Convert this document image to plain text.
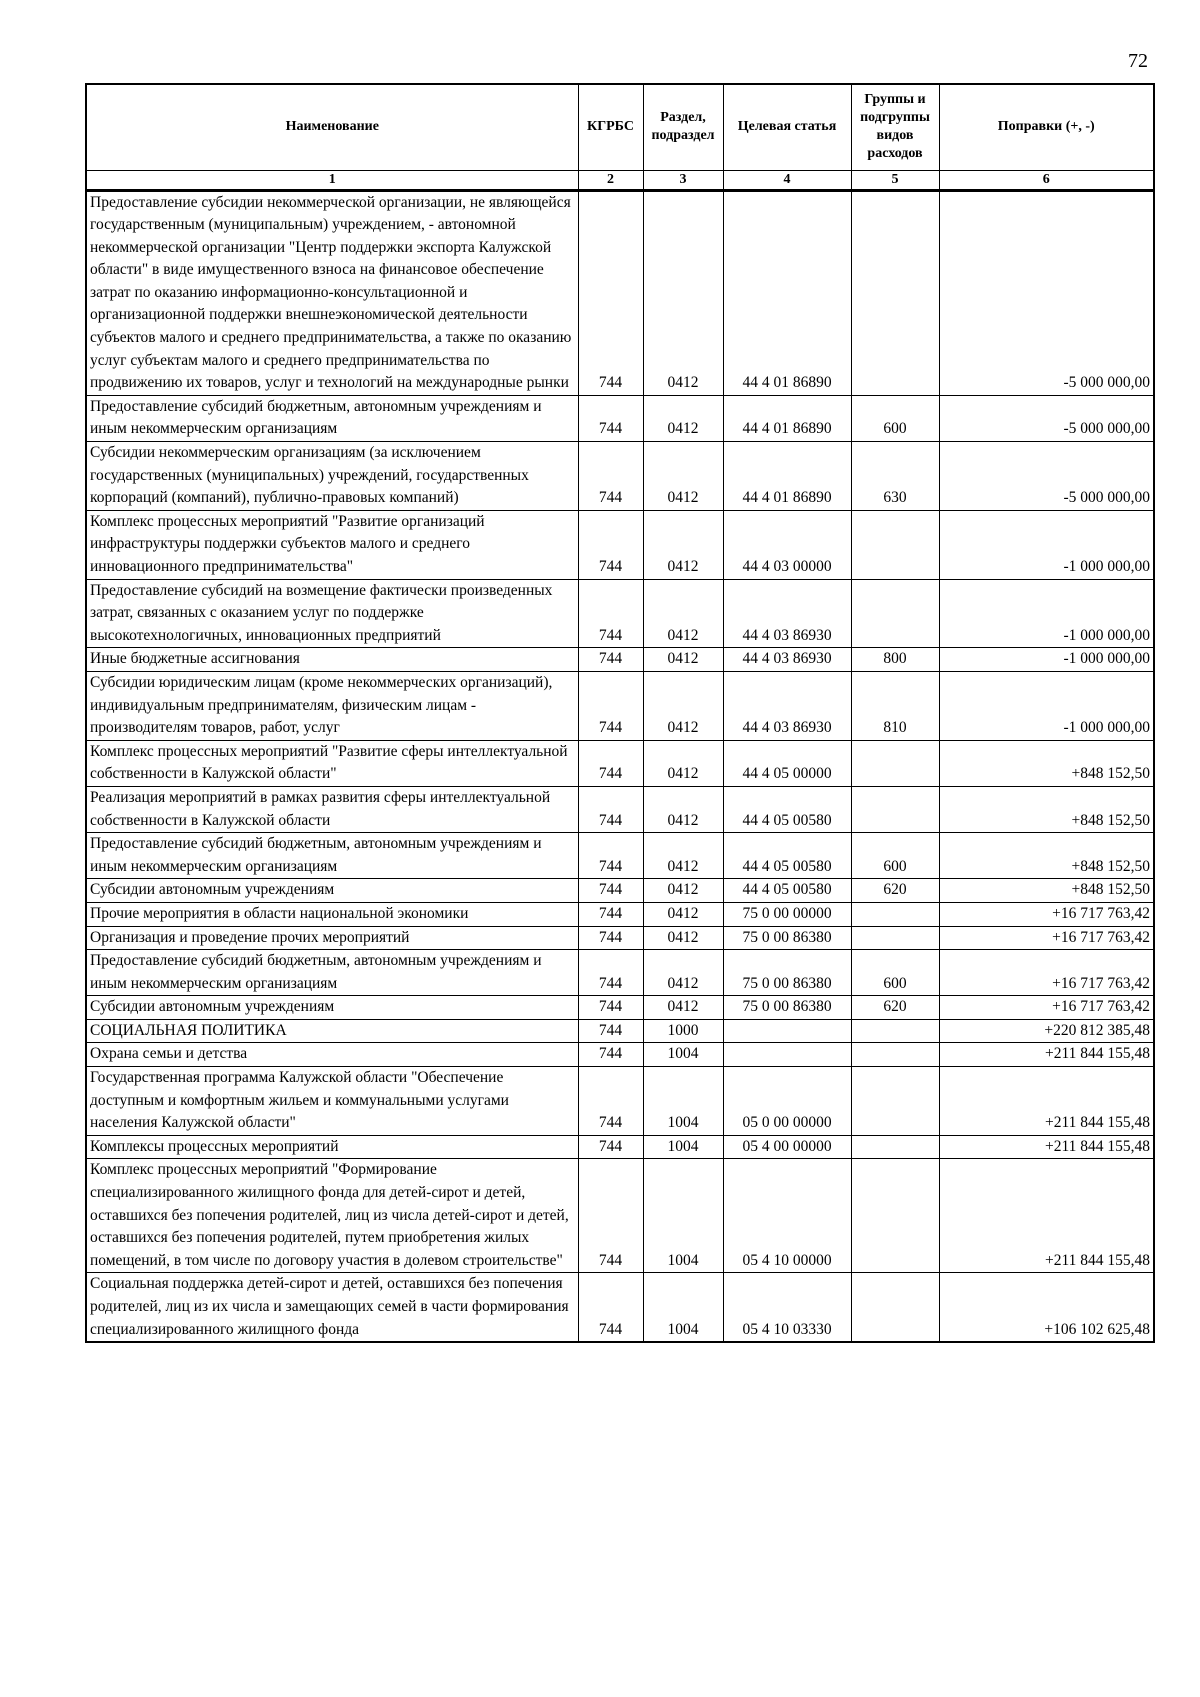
72
Наименование	КГРБС	Раздел, подраздел	Целевая статья	Группы и подгруппы видов расходов	Поправки (+, -)
1	2	3	4	5	6
Предоставление субсидии некоммерческой организации, не являющейся государственным (муниципальным) учреждением, - автономной некоммерческой организации "Центр поддержки экспорта Калужской области" в виде имущественного взноса на финансовое обеспечение затрат по оказанию информационно-консультационной и организационной поддержки внешнеэкономической деятельности субъектов малого и среднего предпринимательства, а также по оказанию услуг субъектам малого и среднего предпринимательства по продвижению их товаров, услуг и технологий на международные рынки	744	0412	44 4 01 86890		-5 000 000,00
Предоставление субсидий бюджетным, автономным учреждениям и иным некоммерческим организациям	744	0412	44 4 01 86890	600	-5 000 000,00
Субсидии некоммерческим организациям (за исключением государственных (муниципальных) учреждений, государственных корпораций (компаний), публично-правовых компаний)	744	0412	44 4 01 86890	630	-5 000 000,00
Комплекс процессных мероприятий "Развитие организаций инфраструктуры поддержки субъектов малого и среднего инновационного предпринимательства"	744	0412	44 4 03 00000		-1 000 000,00
Предоставление субсидий на возмещение фактически произведенных затрат, связанных с оказанием услуг по поддержке высокотехнологичных, инновационных предприятий	744	0412	44 4 03 86930		-1 000 000,00
Иные бюджетные ассигнования	744	0412	44 4 03 86930	800	-1 000 000,00
Субсидии юридическим лицам (кроме некоммерческих организаций), индивидуальным предпринимателям, физическим лицам - производителям товаров, работ, услуг	744	0412	44 4 03 86930	810	-1 000 000,00
Комплекс процессных мероприятий "Развитие сферы интеллектуальной собственности в Калужской области"	744	0412	44 4 05 00000		+848 152,50
Реализация мероприятий в рамках развития сферы интеллектуальной собственности в Калужской области	744	0412	44 4 05 00580		+848 152,50
Предоставление субсидий бюджетным, автономным учреждениям и иным некоммерческим организациям	744	0412	44 4 05 00580	600	+848 152,50
Субсидии автономным учреждениям	744	0412	44 4 05 00580	620	+848 152,50
Прочие мероприятия в области национальной экономики	744	0412	75 0 00 00000		+16 717 763,42
Организация и проведение прочих мероприятий	744	0412	75 0 00 86380		+16 717 763,42
Предоставление субсидий бюджетным, автономным учреждениям и иным некоммерческим организациям	744	0412	75 0 00 86380	600	+16 717 763,42
Субсидии автономным учреждениям	744	0412	75 0 00 86380	620	+16 717 763,42
СОЦИАЛЬНАЯ ПОЛИТИКА	744	1000			+220 812 385,48
Охрана семьи и детства	744	1004			+211 844 155,48
Государственная программа Калужской области "Обеспечение доступным и комфортным жильем и коммунальными услугами населения Калужской области"	744	1004	05 0 00 00000		+211 844 155,48
Комплексы процессных мероприятий	744	1004	05 4 00 00000		+211 844 155,48
Комплекс процессных мероприятий "Формирование специализированного жилищного фонда для детей-сирот и детей, оставшихся без попечения родителей, лиц из числа детей-сирот и детей, оставшихся без попечения родителей, путем приобретения жилых помещений, в том числе по договору участия в долевом строительстве"	744	1004	05 4 10 00000		+211 844 155,48
Социальная поддержка детей-сирот и детей, оставшихся без попечения родителей, лиц из их числа и замещающих семей в части формирования специализированного жилищного фонда	744	1004	05 4 10 03330		+106 102 625,48
